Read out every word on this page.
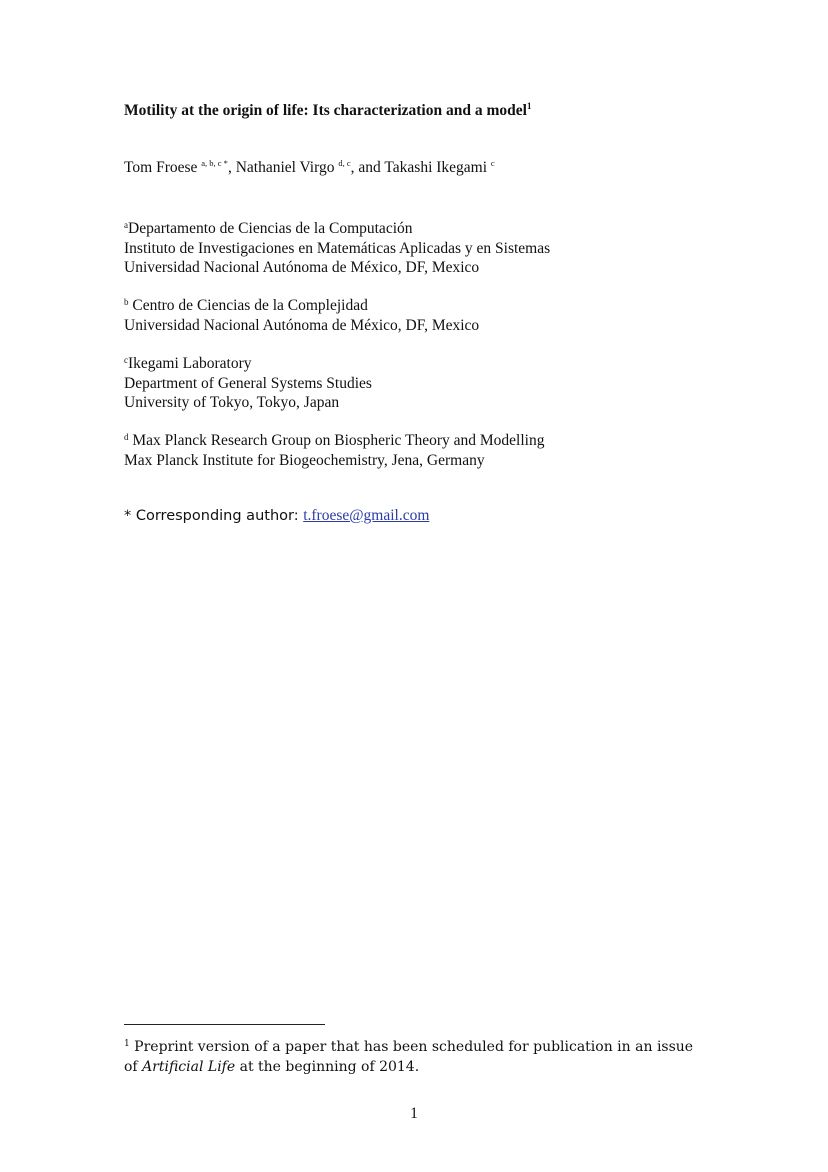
Motility at the origin of life: Its characterization and a model$^1$
Tom Froese $^{a, b, c *}$, Nathaniel Virgo $^{d, c}$, and Takashi Ikegami $^c$
$^a$Departamento de Ciencias de la Computación
Instituto de Investigaciones en Matemáticas Aplicadas y en Sistemas
Universidad Nacional Autónoma de México, DF, Mexico
$^b$ Centro de Ciencias de la Complejidad
Universidad Nacional Autónoma de México, DF, Mexico
$^c$Ikegami Laboratory
Department of General Systems Studies
University of Tokyo, Tokyo, Japan
$^d$ Max Planck Research Group on Biospheric Theory and Modelling
Max Planck Institute for Biogeochemistry, Jena, Germany
* Corresponding author: t.froese@gmail.com
$^1$ Preprint version of a paper that has been scheduled for publication in an issue
of Artificial Life at the beginning of 2014.
1
